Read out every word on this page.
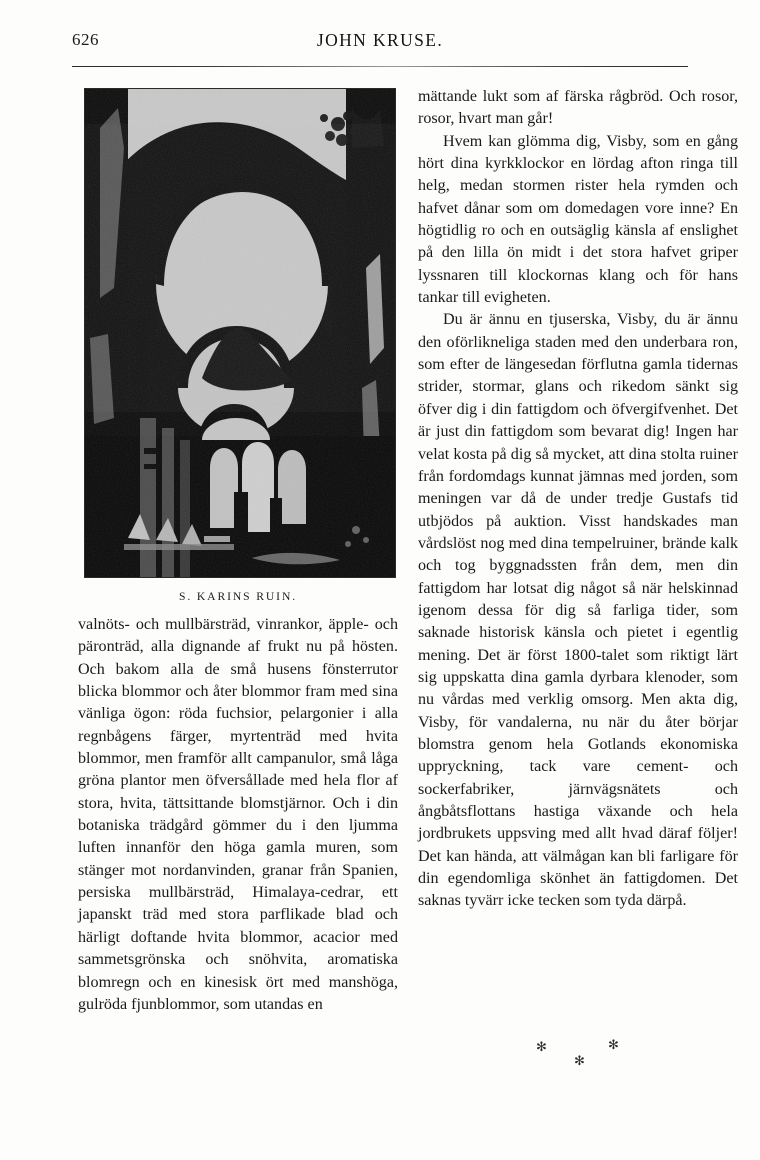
626	JOHN KRUSE.
S. KARINS RUIN.

valnöts- och mullbärsträd, vinrankor, äpple- och päronträd, alla dignande af frukt nu på hösten. Och bakom alla de små husens fönsterrutor blicka blommor och åter blommor fram med sina vänliga ögon: röda fuchsior, pelargonier i alla regnbågens färger, myrtenträd med hvita blommor, men framför allt campanulor, små låga gröna plantor men öfversållade med hela flor af stora, hvita, tättsittande blomstjärnor. Och i din botaniska trädgård gömmer du i den ljumma luften innanför den höga gamla muren, som stänger mot nordanvinden, granar från Spanien, persiska mullbärsträd, Himalaya-cedrar, ett japanskt träd med stora parflikade blad och härligt doftande hvita blommor, acacior med sammetsgrönska och snöhvita, aromatiska blomregn och en kinesisk ört med manshöga, gulröda fjunblommor, som utandas en

mättande lukt som af färska rågbröd. Och rosor, rosor, hvart man går!

Hvem kan glömma dig, Visby, som en gång hört dina kyrkklockor en lördag afton ringa till helg, medan stormen rister hela rymden och hafvet dånar som om domedagen vore inne? En högtidlig ro och en outsäglig känsla af enslighet på den lilla ön midt i det stora hafvet griper lyssnaren till klockornas klang och för hans tankar till evigheten.

Du är ännu en tjuserska, Visby, du är ännu den oförlikneliga staden med den underbara ron, som efter de längesedan förflutna gamla tidernas strider, stormar, glans och rikedom sänkt sig öfver dig i din fattigdom och öfvergifvenhet. Det är just din fattigdom som bevarat dig! Ingen har velat kosta på dig så mycket, att dina stolta ruiner från fordomdags kunnat jämnas med jorden, som meningen var då de under tredje Gustafs tid utbjödos på auktion. Visst handskades man vårdslöst nog med dina tempelruiner, brände kalk och tog byggnadssten från dem, men din fattigdom har lotsat dig något så när helskinnad igenom dessa för dig så farliga tider, som saknade historisk känsla och pietet i egentlig mening. Det är först 1800-talet som riktigt lärt sig uppskatta dina gamla dyrbara klenoder, som nu vårdas med verklig omsorg. Men akta dig, Visby, för vandalerna, nu när du åter börjar blomstra genom hela Gotlands ekonomiska uppryckning, tack vare cement- och sockerfabriker, järnvägsnätets och ångbåtsflottans hastiga växande och hela jordbrukets uppsving med allt hvad däraf följer! Det kan hända, att välmågan kan bli farligare för din egendomliga skönhet än fattigdomen. Det saknas tyvärr icke tecken som tyda därpå.

✻
✻
✻
